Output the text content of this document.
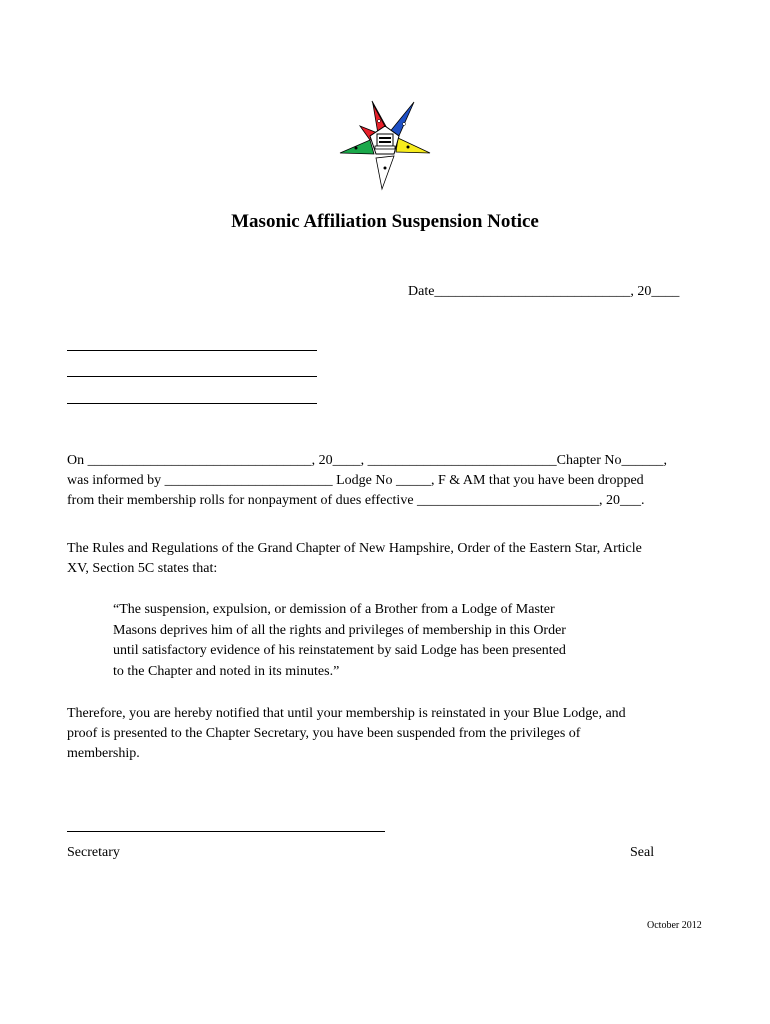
Masonic Affiliation Suspension Notice
Date____________________________, 20____
On ________________________________, 20____, ___________________________Chapter No______,
was informed by ________________________ Lodge No _____, F & AM that you have been dropped
from their membership rolls for nonpayment of dues effective __________________________, 20___.
The Rules and Regulations of the Grand Chapter of New Hampshire, Order of the Eastern Star, Article
XV, Section 5C states that:
“The suspension, expulsion, or demission of a Brother from a Lodge of Master
Masons deprives him of all the rights and privileges of membership in this Order
until satisfactory evidence of his reinstatement by said Lodge has been presented
to the Chapter and noted in its minutes.”
Therefore, you are hereby notified that until your membership is reinstated in your Blue Lodge, and
proof is presented to the Chapter Secretary, you have been suspended from the privileges of
membership.
Secretary	Seal
October 2012
